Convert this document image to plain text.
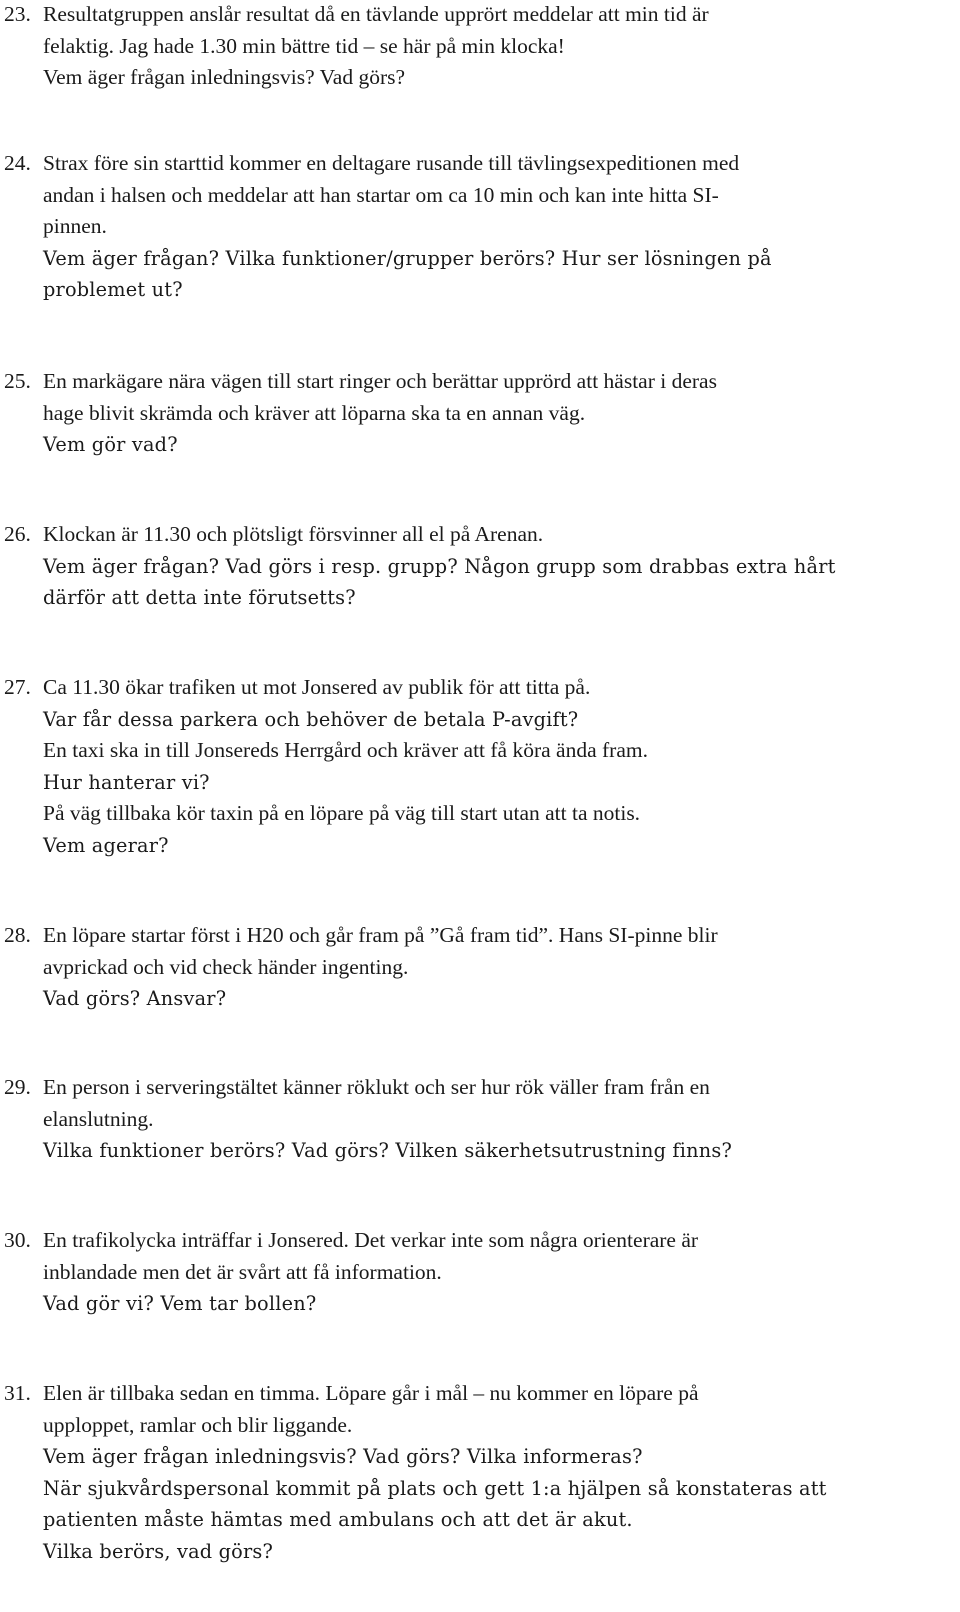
23. Resultatgruppen anslår resultat då en tävlande upprört meddelar att min tid är
felaktig. Jag hade 1.30 min bättre tid – se här på min klocka!
Vem äger frågan inledningsvis? Vad görs?
24. Strax före sin starttid kommer en deltagare rusande till tävlingsexpeditionen med
andan i halsen och meddelar att han startar om ca 10 min och kan inte hitta SI-
pinnen.
Vem äger frågan? Vilka funktioner/grupper berörs? Hur ser lösningen på
problemet ut?
25. En markägare nära vägen till start ringer och berättar upprörd att hästar i deras
hage blivit skrämda och kräver att löparna ska ta en annan väg.
Vem gör vad?
26. Klockan är 11.30 och plötsligt försvinner all el på Arenan.
Vem äger frågan? Vad görs i resp. grupp? Någon grupp som drabbas extra hårt
därför att detta inte förutsetts?
27. Ca 11.30 ökar trafiken ut mot Jonsered av publik för att titta på.
Var får dessa parkera och behöver de betala P-avgift?
En taxi ska in till Jonsereds Herrgård och kräver att få köra ända fram.
Hur hanterar vi?
På väg tillbaka kör taxin på en löpare på väg till start utan att ta notis.
Vem agerar?
28. En löpare startar först i H20 och går fram på ”Gå fram tid”. Hans SI-pinne blir
avprickad och vid check händer ingenting.
Vad görs? Ansvar?
29. En person i serveringstältet känner röklukt och ser hur rök väller fram från en
elanslutning.
Vilka funktioner berörs? Vad görs? Vilken säkerhetsutrustning finns?
30. En trafikolycka inträffar i Jonsered. Det verkar inte som några orienterare är
inblandade men det är svårt att få information.
Vad gör vi? Vem tar bollen?
31. Elen är tillbaka sedan en timma. Löpare går i mål – nu kommer en löpare på
upploppet, ramlar och blir liggande.
Vem äger frågan inledningsvis? Vad görs? Vilka informeras?
När sjukvårdspersonal kommit på plats och gett 1:a hjälpen så konstateras att
patienten måste hämtas med ambulans och att det är akut.
Vilka berörs, vad görs?
